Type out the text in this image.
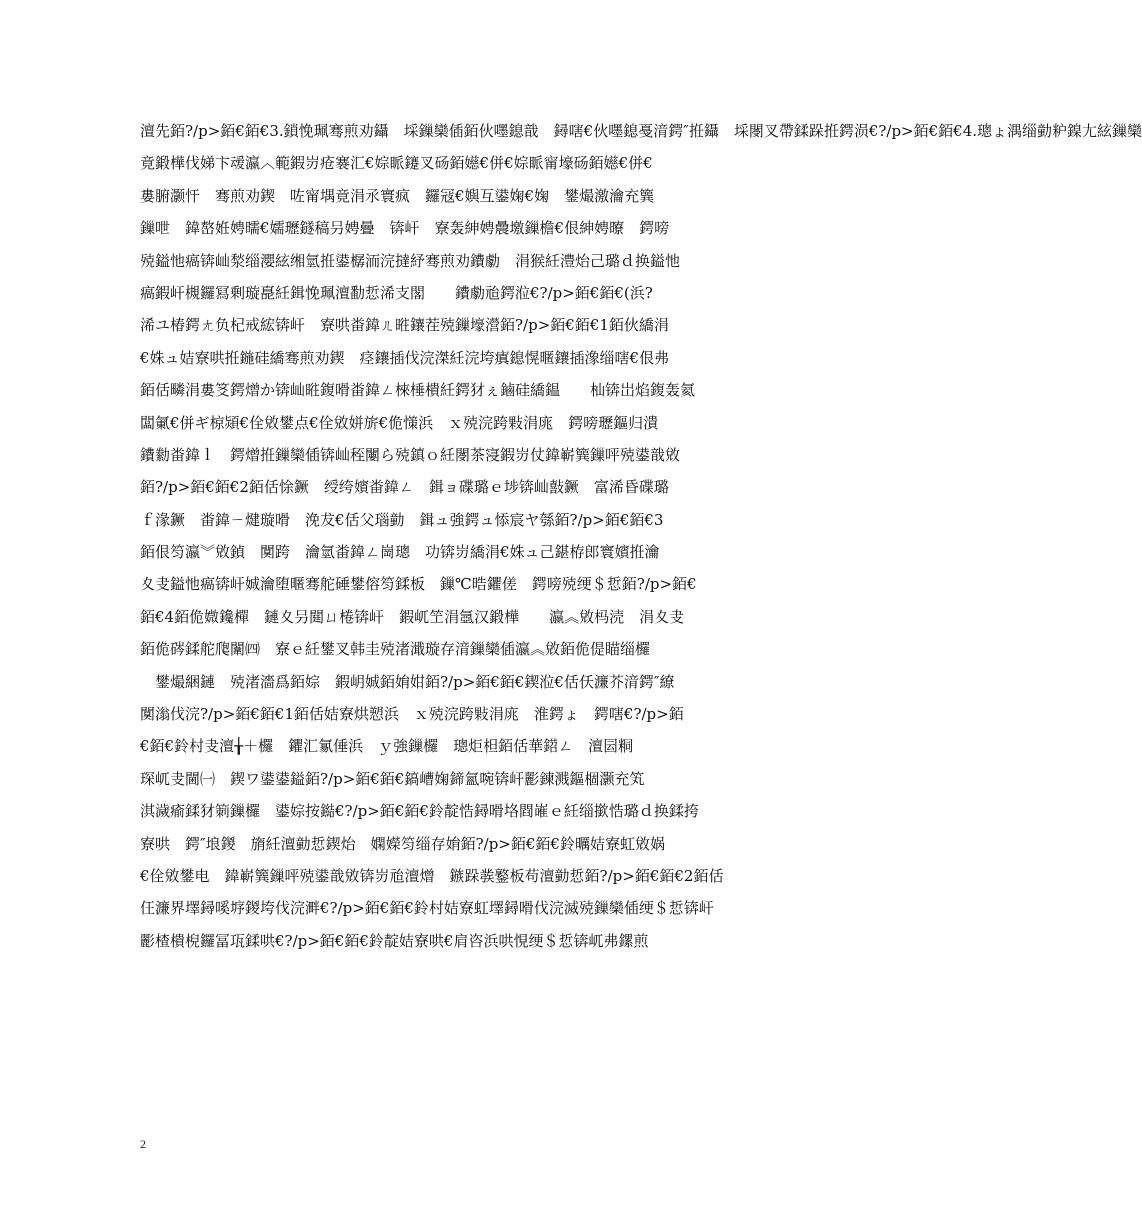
澶先銆?/p>銆€銆€3.鎖悗珮骞煎劝鑷　埰鏁欒偛銆伙嚜鎴戠　鐞嗐€伙嚜鎴戞湇鍔″拰鑷　埰閿叉帶鍒跺拰鍔涢€?/p>銆€銆€4.璁ょ湡缁勭粐鎳尢絃鏁欒
竟鍛樺伐娣卞叆瀛︿範鍜岃疮褰汇€婃眽鑳叉砀銆嬨€併€婃眽甯壕砀銆嬨€併€
婁腑灏忓　骞煎劝鍥　咗甯堣竟涓氶寰疯　鑼冦€嬩互鍙婅€婅　鐢熶激瀹充簨
鏁呭　鍏嶅姙娉曘€嬬瓑鐩稿叧娉曡　锛屽　寮轰紳娉曟墽鏁檐€佷紳娉曢　鍔嗙
殑鎰忚瘑锛屾湬缁瀴絃缃氫拰鍙樼洏浣撻紓骞煎劝鐨勮　涓猴紝澧炲己璐ｄ换鎰忚
瘑鍜屽槻鑼冩剰璇嗭紝鍓悗珮澶勫悊浠支閣　　鐨勮兘鍔涖€?/p>銆€銆€(浜?
浠ユ椿鍔ㄤ负杞戒綋锛屽　寮哄畨鍏ㄦ暀鑲茬殑鏁壕瀯銆?/p>銆€銆€1銆伙繑涓
€姝ュ姞寮哄拰鍦硅繑骞煎劝鍥　痉鑲插伐浣滐紝浣垮瘨鎴愰暱鑲插潒缁嗐€佷弗
銆佸疄涓婁笅鍔熷か锛屾暀鍑嗗畨鍏ㄥ棶棰樻紝鍔犲ぇ鏀硅繑鎾　　杣锛岀焰鍑轰氦
闆氭€併ギ椋熲€佺敓鐢点€佺敓姘旂€佹憡浜　ｘ殑浣跨敤涓庣　鍔嗙瓑鏂归潰
鐨勬畨鍏ｌ　鍔熷拰鏁欒偛锛屾秷闄ら殑鎮ｏ紝閿茶寖鍜岃仗鍏嶄簨鏁呯殑鍙戠敓
銆?/p>銆€銆€2銆佸悇鐝　绶绔嬪畨鍏ㄥ　鍓ョ碟璐ｅ埗锛屾敼鐝　富浠昏碟璐
ｆ湪鐝　畨鍏ㄧ煡璇嗗　浼犮€佸父瑙勭　鍓ュ強鍔ュ悿宸ヤ綔銆?/p>銆€銆€3
銆佷笉瀛︾敓鍞　闃跨　瀹氫畨鍏ㄥ崗璁　功锛岃繑涓€姝ュ己鍖栫郎寰嬪拰瀹
夊叏鎰忚瘑锛屽娍瀹堕暱骞舵硾鐢傛笉鍒板　鏁℃晧鑺傞　鍔嗙殑绠＄悊銆?/p>銆€
銆€4銆佹媺鑱樿　鏈夊叧閮ㄩ棬锛屽　鍜屼笁涓氬汉鍛樺　　瀛︽敓杩涜　涓夊叏
銆佹硶鍒舵爮闈㈣　寮ｅ紝鐢叉韩圭殑渚濈璇存湇鏁欒偛瀛︽敓銆佹偍瞄缁欏
　鐢熶綑鏈　殑渚濇爲銆婃　鍜岄娍銆姢姏銆?/p>銆€銆€鍥涖€佸仸濂芥湇鍔″繚
闃滃伐浣?/p>銆€銆€1銆佸姞寮烘愬浜　ｘ殑浣跨敤涓庣　淮鍔ょ　鍔嗐€?/p>銆
€銆€鈴村叏澶╁＋欏　鑺汇氱倕浜　ｙ強鏁欏　璁炬柦銆佸華鍣ㄥ　澶囩粡
琛屼叏閫㈠　鍥ワ鍙鍙鎰銆?/p>銆€銆€鎬嶆婅鍗氳啘锛屽彲鍊溅鏂棝灏充笂
淇濊瘉鍒犲箣鏁欏　鍙婃按鐑€?/p>銆€銆€鈴靛悎鐞嗗垎閰嶉ｅ紝缁撳悎璐ｄ换鍒挎
寮哄　鍔″埌鍐　旓紝澶勭悊鍥炲　嫻嬫笉缁存姢銆?/p>銆€銆€鈴曞姞寮虹敓娲
€佺敓鐢电　鍏嶄簨鏁呯殑鍙戠敓锛岃兘澶熷　鏃跺彂鐜板苟澶勭悊銆?/p>銆€銆€2銆佸
仼濂界墿鐞嗘垿鍐垮伐浣溿€?/p>銆€銆€鈴村姞寮虹墿鐞嗗伐浣滅殑鏁欒偛绠＄悊锛屽
彲楂樻棿鑼冨瓨鍒哄€?/p>銆€銆€鈴靛姞寮哄€肩咨浜哄悓绠＄悊锛屼弗鏍煎
2
